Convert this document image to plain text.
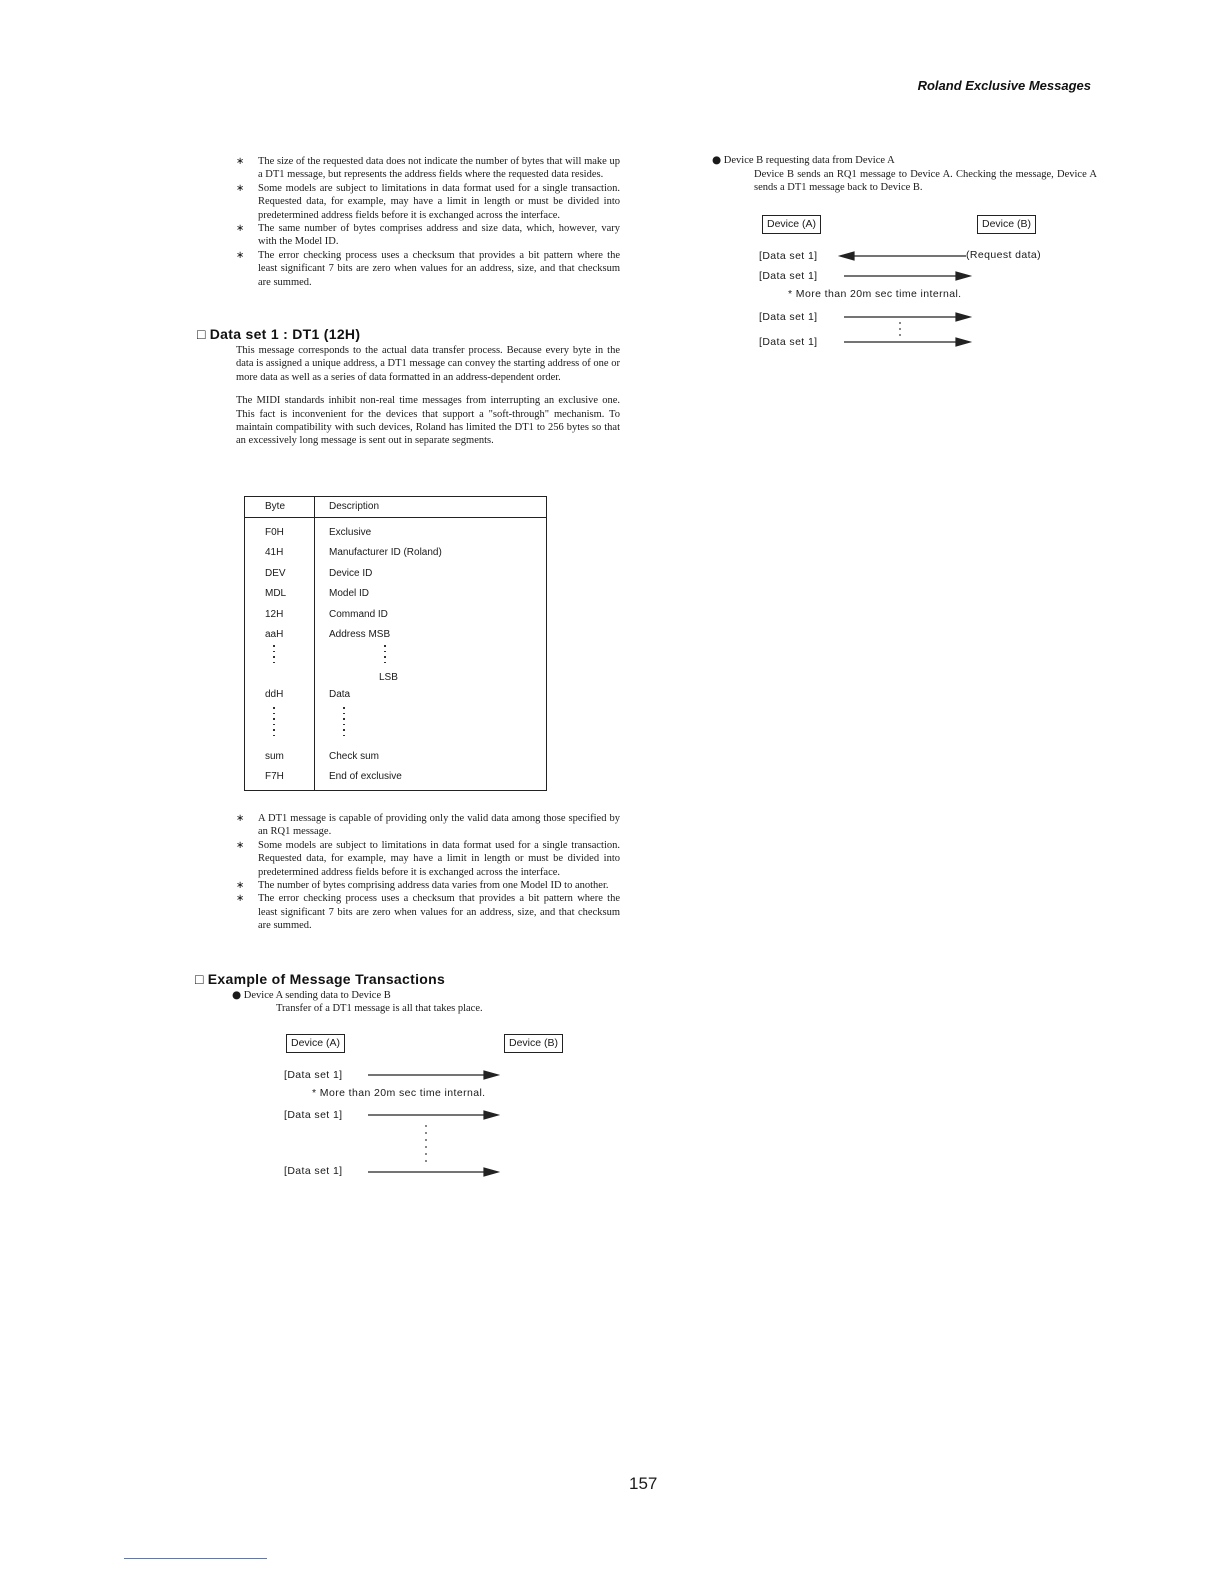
Roland Exclusive Messages
∗	The size of the requested data does not indicate the number of bytes that will make up a DT1 message, but represents the address fields where the requested data resides.
∗	Some models are subject to limitations in data format used for a single transaction. Requested data, for example, may have a limit in length or must be divided into predetermined address fields before it is exchanged across the interface.
∗	The same number of bytes comprises address and size data, which, however, vary with the Model ID.
∗	The error checking process uses a checksum that provides a bit pattern where the least significant 7 bits are zero when values for an address, size, and that checksum are summed.
□ Data set 1 : DT1 (12H)

This message corresponds to the actual data transfer process. Because every byte in the data is assigned a unique address, a DT1 message can convey the starting address of one or more data as well as a series of data formatted in an address-dependent order.

The MIDI standards inhibit non-real time messages from interrupting an exclusive one. This fact is inconvenient for the devices that support a "soft-through" mechanism. To maintain compatibility with such devices, Roland has limited the DT1 to 256 bytes so that an excessively long message is sent out in separate segments.

Byte	Description
F0H	Exclusive
41H	Manufacturer ID (Roland)
DEV	Device ID
MDL	Model ID
12H	Command ID
aaH	Address MSB
LSB
ddH	Data
sum	Check sum
F7H	End of exclusive
∗	A DT1 message is capable of providing only the valid data among those specified by an RQ1 message.
∗	Some models are subject to limitations in data format used for a single transaction. Requested data, for example, may have a limit in length or must be divided into predetermined address fields before it is exchanged across the interface.
∗	The number of bytes comprising address data varies from one Model ID to another.
∗	The error checking process uses a checksum that provides a bit pattern where the least significant 7 bits are zero when values for an address, size, and that checksum are summed.
□ Example of Message Transactions
● Device A sending data to Device B
Transfer of a DT1 message is all that takes place.
Device (A)	Device (B)
[Data set 1]
* More than 20m sec time internal.
[Data set 1]
[Data set 1]
● Device B requesting data from Device A
Device B sends an RQ1 message to Device A. Checking the message, Device A sends a DT1 message back to Device B.
Device (A)	Device (B)
[Data set 1]	(Request data)
[Data set 1]
* More than 20m sec time internal.
[Data set 1]
[Data set 1]
157
